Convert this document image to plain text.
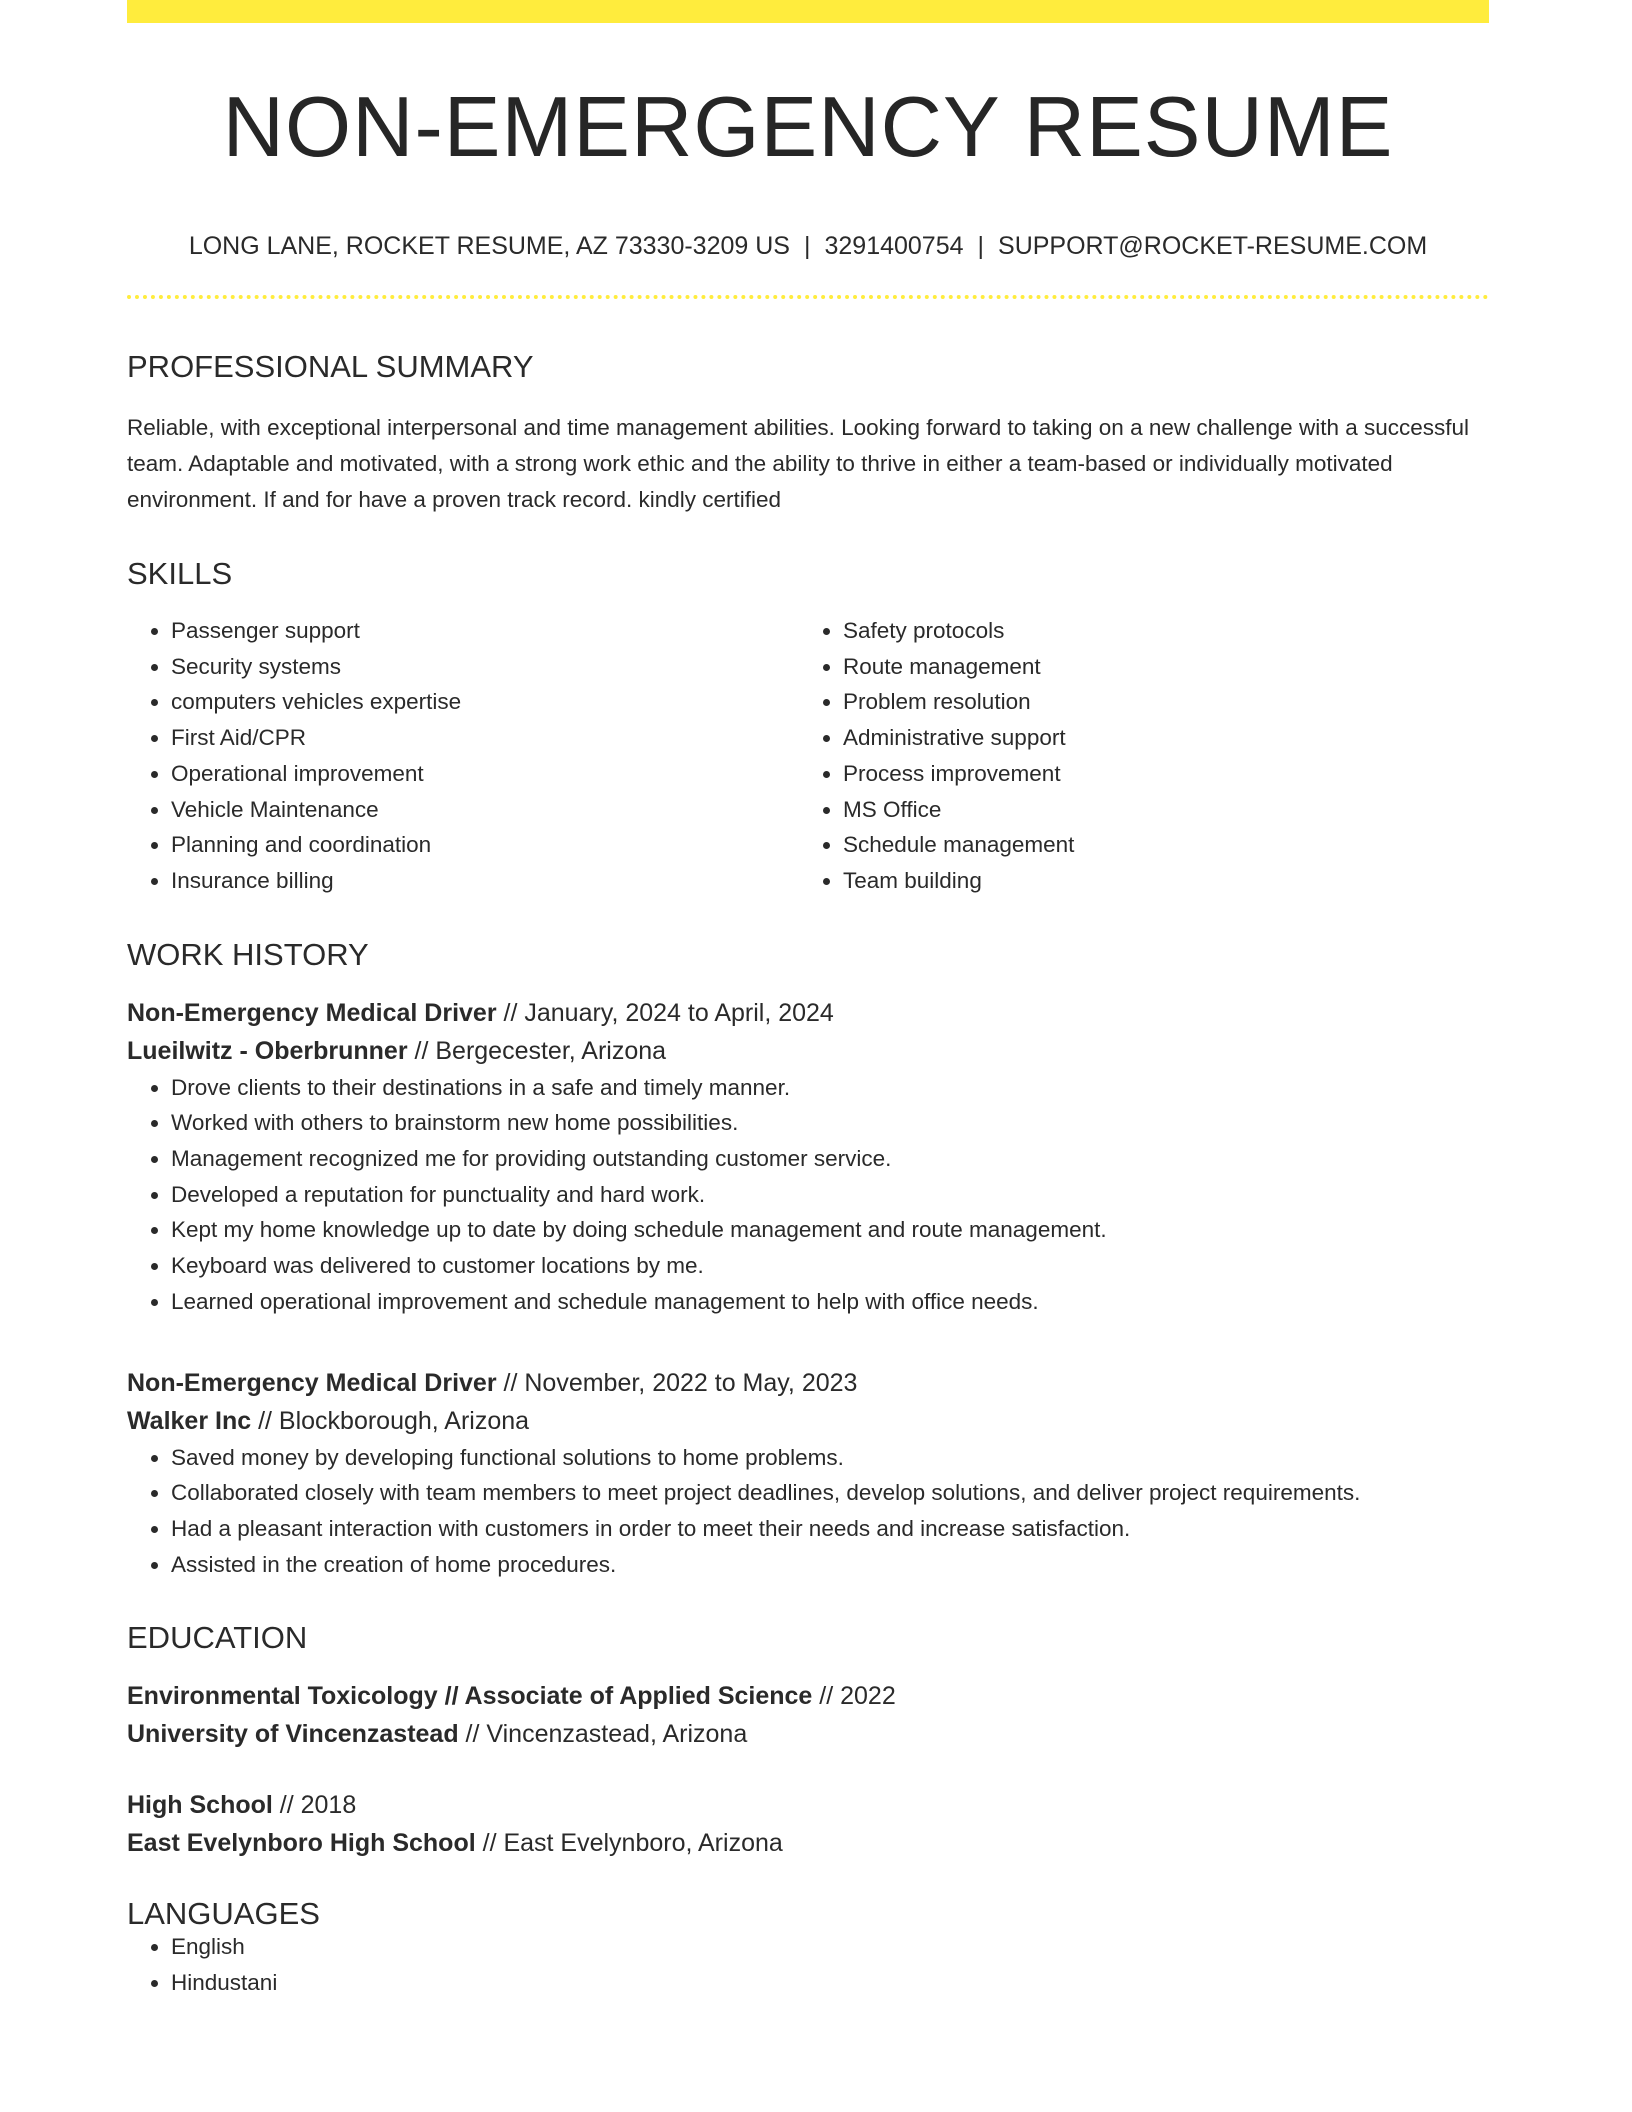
NON-EMERGENCY RESUME
LONG LANE, ROCKET RESUME, AZ 73330-3209 US | 3291400754 | SUPPORT@ROCKET-RESUME.COM
PROFESSIONAL SUMMARY
Reliable, with exceptional interpersonal and time management abilities. Looking forward to taking on a new challenge with a successful team. Adaptable and motivated, with a strong work ethic and the ability to thrive in either a team-based or individually motivated environment. If and for have a proven track record. kindly certified
SKILLS
• Passenger support
• Security systems
• computers vehicles expertise
• First Aid/CPR
• Operational improvement
• Vehicle Maintenance
• Planning and coordination
• Insurance billing
• Safety protocols
• Route management
• Problem resolution
• Administrative support
• Process improvement
• MS Office
• Schedule management
• Team building
WORK HISTORY
Non-Emergency Medical Driver // January, 2024 to April, 2024
Lueilwitz - Oberbrunner // Bergecester, Arizona
• Drove clients to their destinations in a safe and timely manner.
• Worked with others to brainstorm new home possibilities.
• Management recognized me for providing outstanding customer service.
• Developed a reputation for punctuality and hard work.
• Kept my home knowledge up to date by doing schedule management and route management.
• Keyboard was delivered to customer locations by me.
• Learned operational improvement and schedule management to help with office needs.
Non-Emergency Medical Driver // November, 2022 to May, 2023
Walker Inc // Blockborough, Arizona
• Saved money by developing functional solutions to home problems.
• Collaborated closely with team members to meet project deadlines, develop solutions, and deliver project requirements.
• Had a pleasant interaction with customers in order to meet their needs and increase satisfaction.
• Assisted in the creation of home procedures.
EDUCATION
Environmental Toxicology // Associate of Applied Science // 2022
University of Vincenzastead // Vincenzastead, Arizona
High School // 2018
East Evelynboro High School // East Evelynboro, Arizona
LANGUAGES
• English
• Hindustani
